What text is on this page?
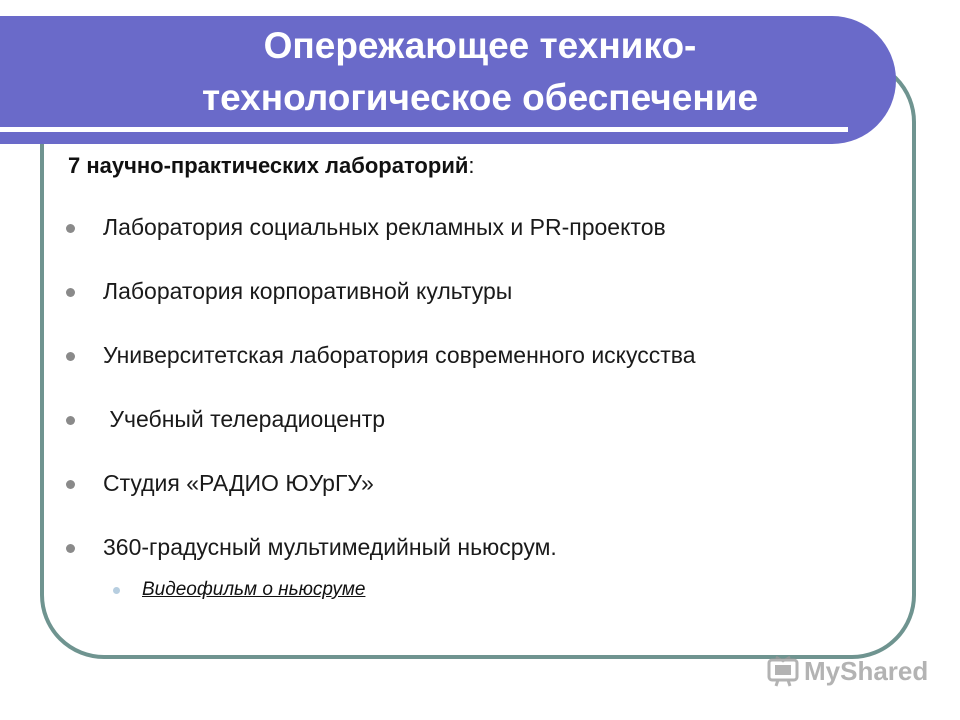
Опережающее технико-
технологическое обеспечение

7 научно-практических лабораторий:

Лаборатория социальных рекламных и PR-проектов
Лаборатория корпоративной культуры
Университетская лаборатория современного искусства
Учебный телерадиоцентр
Студия «РАДИО ЮУрГУ»
360-градусный мультимедийный ньюсрум.
Видеофильм о ньюсруме
MyShared
